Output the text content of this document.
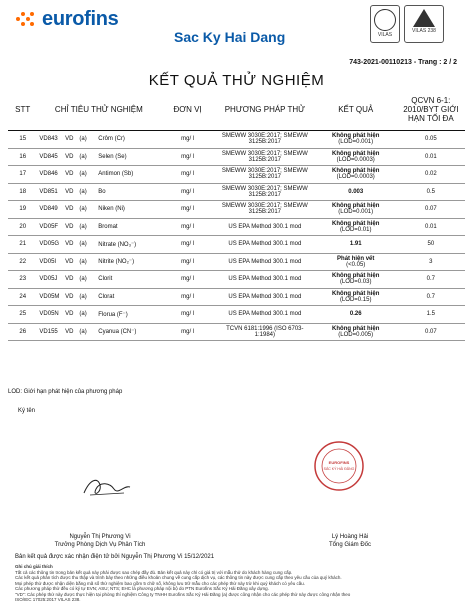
eurofins
Sac Ky Hai Dang	VILAS
VILAS 238
743-2021-00110213 - Trang : 2 / 2
KẾT QUẢ THỬ NGHIỆM
STT	CHỈ TIÊU THỬ NGHIỆM		ĐƠN VỊ	PHƯƠNG PHÁP THỬ	KẾT QUẢ	QCVN 6-1: 2010/BYT GIỚI HẠN TỐI ĐA
15	VD843 VD (a)	Crôm (Cr)	mg/ l	SMEWW 3030E:2017; SMEWW 3125B:2017	Không phát hiện
(LOD=0.001)	0.05
16	VD845 VD (a)	Selen (Se)	mg/ l	SMEWW 3030E:2017; SMEWW 3125B:2017	Không phát hiện
(LOD=0.0003)	0.01
17	VD846 VD (a)	Antimon (Sb)	mg/ l	SMEWW 3030E:2017; SMEWW 3125B:2017	Không phát hiện
(LOD=0.0003)	0.02
18	VD851 VD (a)	Bo	mg/ l	SMEWW 3030E:2017; SMEWW 3125B:2017	0.003	0.5
19	VD849 VD (a)	Niken (Ni)	mg/ l	SMEWW 3030E:2017; SMEWW 3125B:2017	Không phát hiện
(LOD=0.001)	0.07
20	VD05F VD (a)	Bromat	mg/ l	US EPA Method 300.1 mod	Không phát hiện
(LOD=0.01)	0.01
21	VD05G VD (a)	Nitrate (NO₃⁻)	mg/ l	US EPA Method 300.1 mod	1.91	50
22	VD05I VD (a)	Nitrite (NO₂⁻)	mg/ l	US EPA Method 300.1 mod	Phát hiện vết
(<0.05)	3
23	VD05J VD (a)	Clorit	mg/ l	US EPA Method 300.1 mod	Không phát hiện
(LOD=0.03)	0.7
24	VD05M VD (a)	Clorat	mg/ l	US EPA Method 300.1 mod	Không phát hiện
(LOD=0.15)	0.7
25	VD05N VD (a)	Florua (F⁻)	mg/ l	US EPA Method 300.1 mod	0.26	1.5
26	VD155 VD (a)	Cyanua (CN⁻)	mg/ l	TCVN 6181:1996 (ISO 6703-1:1984)	Không phát hiện
(LOD=0.005)	0.07
LOD: Giới hạn phát hiện của phương pháp
Ký tên
EUROFINS
SẮC KÝ HẢI ĐĂNG
Nguyễn Thị Phương Vi
Trưởng Phòng Dịch Vụ Phân Tích
Lý Hoàng Hải
Tổng Giám Đốc
Bản kết quả được xác nhận điện tử bởi Nguyễn Thị Phương Vi 15/12/2021
Ghi chú giải thích
Tất cả các thông tin trong bản kết quả này phải được sao chép đầy đủ. Bản kết quả này chỉ có giá trị với mẫu thử do khách hàng cung cấp.
Các kết quả phân tích được thu thập và trình bày theo những điều khoản chung về cung cấp dịch vụ, các thông tin này được cung cấp theo yêu cầu của quý khách.
Mọi phép thử được nhận diện bằng mã số thử nghiệm bao gồm 5 chữ số, không lưu trữ mẫu cho các phép thử này trừ khi quý khách có yêu cầu.
Các phương pháp thử đều có ký tự EVN; ASU; NTS; EHC là phương pháp nội bộ do PTN Eurofins Sắc Ký Hải Đăng xây dựng.
"VD": Các phép thử này được thực hiện tại phòng thí nghiệm Công ty TNHH Eurofins Sắc Ký Hải Đăng (a) được công nhận cho các phép thử này được công nhận theo
ISO/IEC 17025:2017 VILAS 238.
